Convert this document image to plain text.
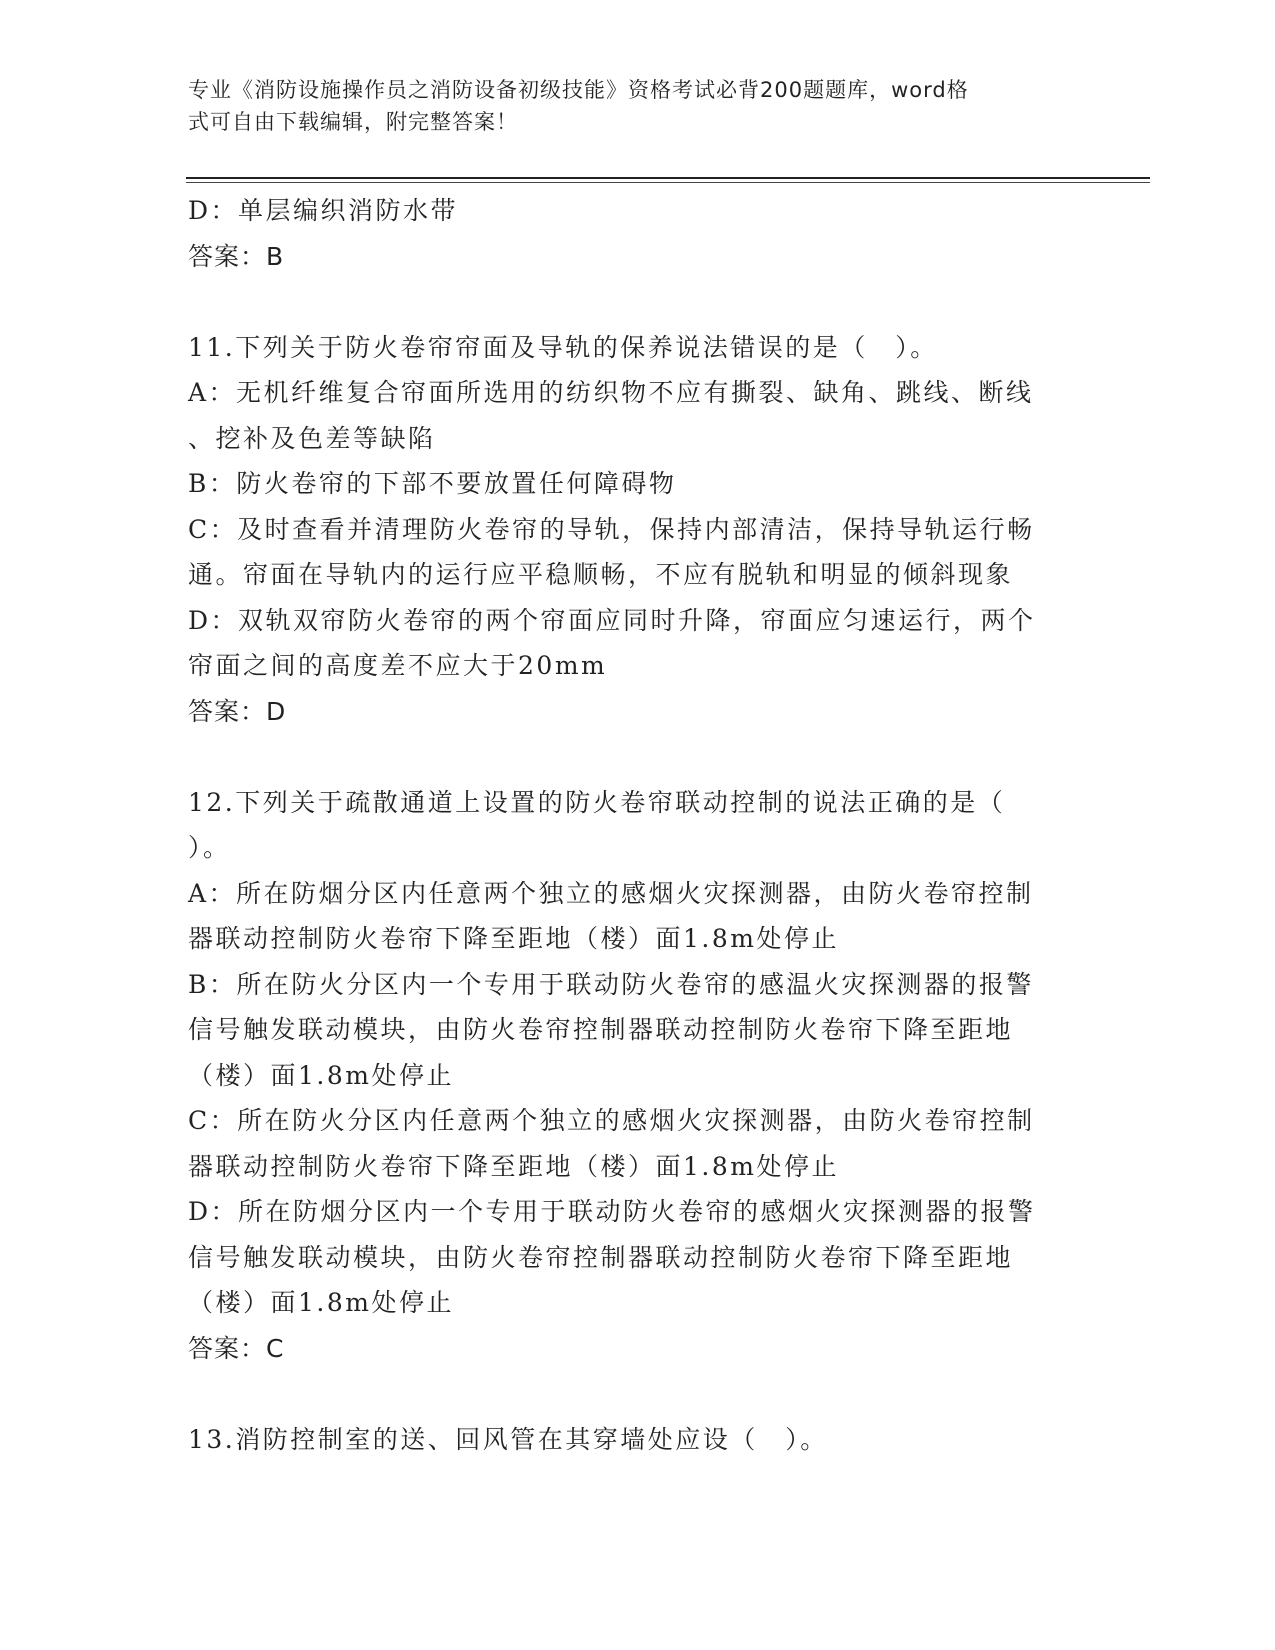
专业《消防设施操作员之消防设备初级技能》资格考试必背200题题库，word格
式可自由下载编辑，附完整答案！
D：单层编织消防水带
答案：B
11.下列关于防火卷帘帘面及导轨的保养说法错误的是（　）。
A：无机纤维复合帘面所选用的纺织物不应有撕裂、缺角、跳线、断线
、挖补及色差等缺陷
B：防火卷帘的下部不要放置任何障碍物
C：及时查看并清理防火卷帘的导轨，保持内部清洁，保持导轨运行畅
通。帘面在导轨内的运行应平稳顺畅，不应有脱轨和明显的倾斜现象
D：双轨双帘防火卷帘的两个帘面应同时升降，帘面应匀速运行，两个
帘面之间的高度差不应大于20mm
答案：D
12.下列关于疏散通道上设置的防火卷帘联动控制的说法正确的是（
）。
A：所在防烟分区内任意两个独立的感烟火灾探测器，由防火卷帘控制
器联动控制防火卷帘下降至距地（楼）面1.8m处停止
B：所在防火分区内一个专用于联动防火卷帘的感温火灾探测器的报警
信号触发联动模块，由防火卷帘控制器联动控制防火卷帘下降至距地
（楼）面1.8m处停止
C：所在防火分区内任意两个独立的感烟火灾探测器，由防火卷帘控制
器联动控制防火卷帘下降至距地（楼）面1.8m处停止
D：所在防烟分区内一个专用于联动防火卷帘的感烟火灾探测器的报警
信号触发联动模块，由防火卷帘控制器联动控制防火卷帘下降至距地
（楼）面1.8m处停止
答案：C
13.消防控制室的送、回风管在其穿墙处应设（　）。
